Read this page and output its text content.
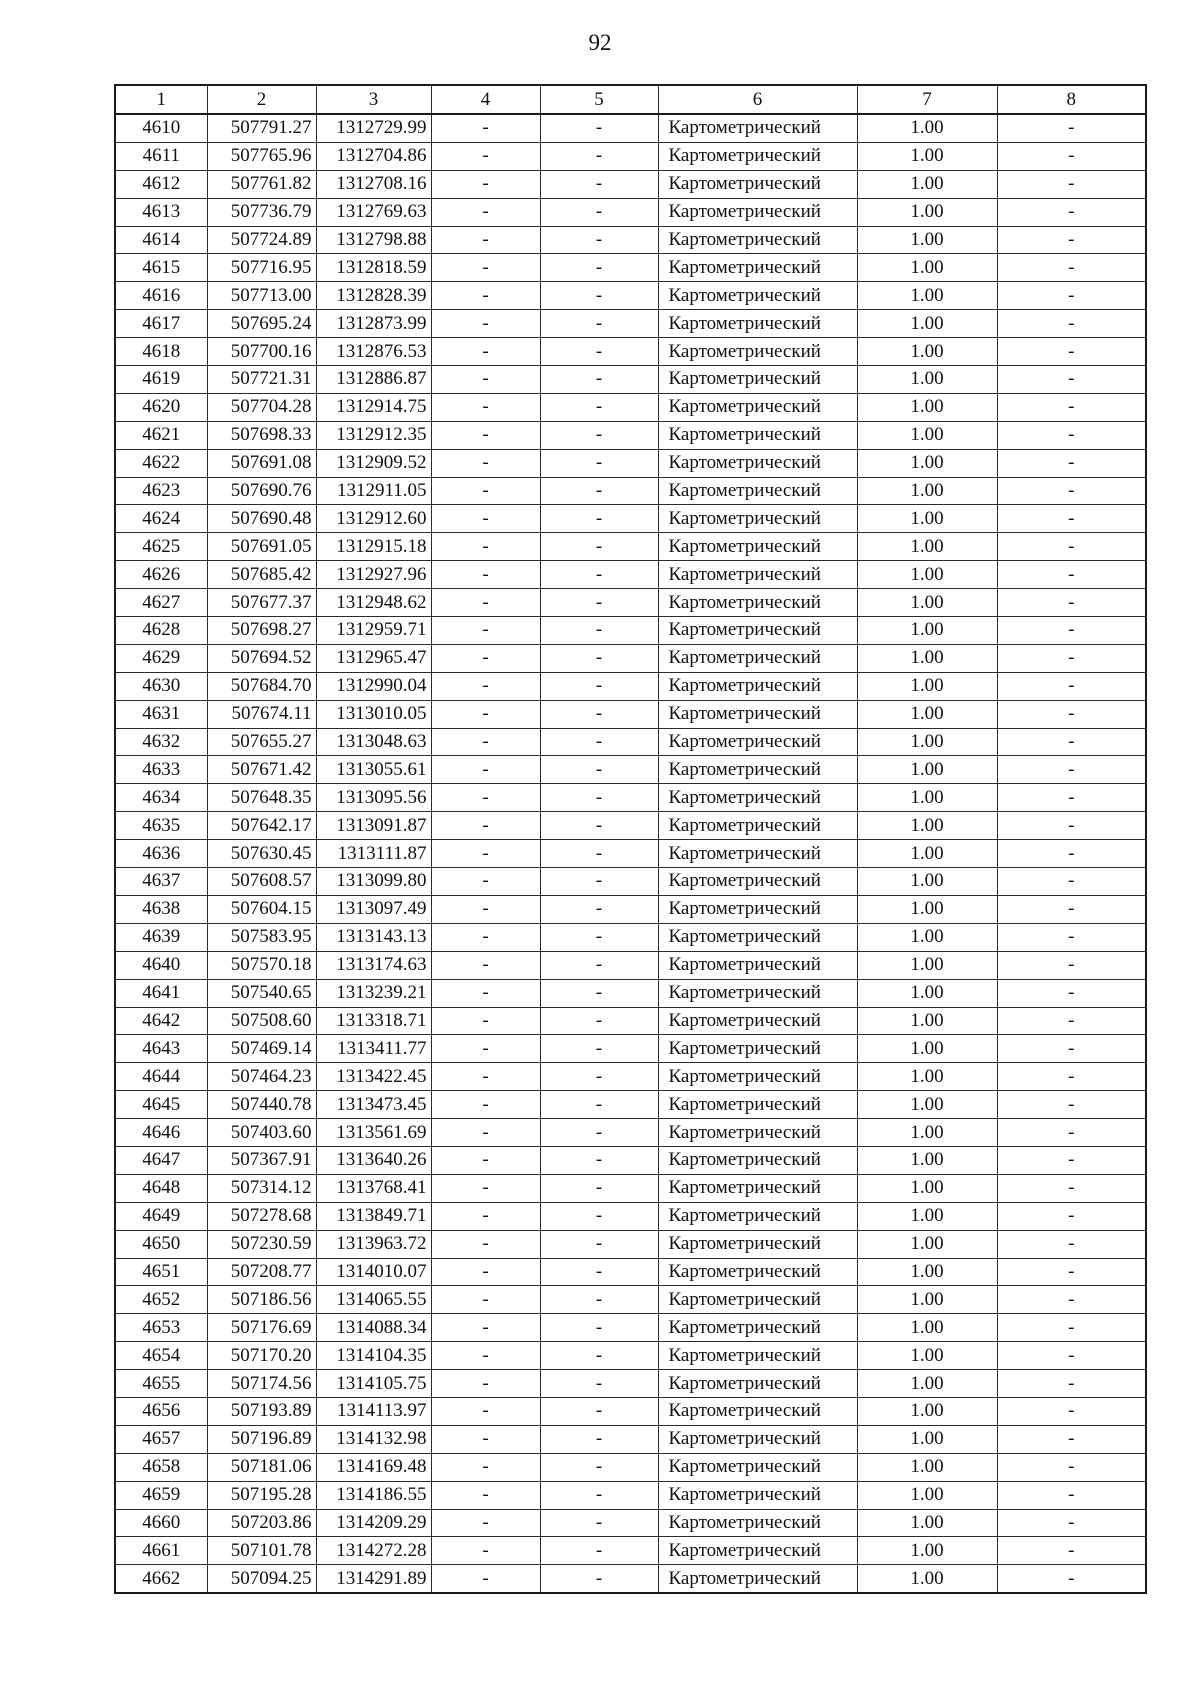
92
1	2	3	4	5	6	7	8
4610	507791.27	1312729.99	-	-	Картометрический	1.00	-
4611	507765.96	1312704.86	-	-	Картометрический	1.00	-
4612	507761.82	1312708.16	-	-	Картометрический	1.00	-
4613	507736.79	1312769.63	-	-	Картометрический	1.00	-
4614	507724.89	1312798.88	-	-	Картометрический	1.00	-
4615	507716.95	1312818.59	-	-	Картометрический	1.00	-
4616	507713.00	1312828.39	-	-	Картометрический	1.00	-
4617	507695.24	1312873.99	-	-	Картометрический	1.00	-
4618	507700.16	1312876.53	-	-	Картометрический	1.00	-
4619	507721.31	1312886.87	-	-	Картометрический	1.00	-
4620	507704.28	1312914.75	-	-	Картометрический	1.00	-
4621	507698.33	1312912.35	-	-	Картометрический	1.00	-
4622	507691.08	1312909.52	-	-	Картометрический	1.00	-
4623	507690.76	1312911.05	-	-	Картометрический	1.00	-
4624	507690.48	1312912.60	-	-	Картометрический	1.00	-
4625	507691.05	1312915.18	-	-	Картометрический	1.00	-
4626	507685.42	1312927.96	-	-	Картометрический	1.00	-
4627	507677.37	1312948.62	-	-	Картометрический	1.00	-
4628	507698.27	1312959.71	-	-	Картометрический	1.00	-
4629	507694.52	1312965.47	-	-	Картометрический	1.00	-
4630	507684.70	1312990.04	-	-	Картометрический	1.00	-
4631	507674.11	1313010.05	-	-	Картометрический	1.00	-
4632	507655.27	1313048.63	-	-	Картометрический	1.00	-
4633	507671.42	1313055.61	-	-	Картометрический	1.00	-
4634	507648.35	1313095.56	-	-	Картометрический	1.00	-
4635	507642.17	1313091.87	-	-	Картометрический	1.00	-
4636	507630.45	1313111.87	-	-	Картометрический	1.00	-
4637	507608.57	1313099.80	-	-	Картометрический	1.00	-
4638	507604.15	1313097.49	-	-	Картометрический	1.00	-
4639	507583.95	1313143.13	-	-	Картометрический	1.00	-
4640	507570.18	1313174.63	-	-	Картометрический	1.00	-
4641	507540.65	1313239.21	-	-	Картометрический	1.00	-
4642	507508.60	1313318.71	-	-	Картометрический	1.00	-
4643	507469.14	1313411.77	-	-	Картометрический	1.00	-
4644	507464.23	1313422.45	-	-	Картометрический	1.00	-
4645	507440.78	1313473.45	-	-	Картометрический	1.00	-
4646	507403.60	1313561.69	-	-	Картометрический	1.00	-
4647	507367.91	1313640.26	-	-	Картометрический	1.00	-
4648	507314.12	1313768.41	-	-	Картометрический	1.00	-
4649	507278.68	1313849.71	-	-	Картометрический	1.00	-
4650	507230.59	1313963.72	-	-	Картометрический	1.00	-
4651	507208.77	1314010.07	-	-	Картометрический	1.00	-
4652	507186.56	1314065.55	-	-	Картометрический	1.00	-
4653	507176.69	1314088.34	-	-	Картометрический	1.00	-
4654	507170.20	1314104.35	-	-	Картометрический	1.00	-
4655	507174.56	1314105.75	-	-	Картометрический	1.00	-
4656	507193.89	1314113.97	-	-	Картометрический	1.00	-
4657	507196.89	1314132.98	-	-	Картометрический	1.00	-
4658	507181.06	1314169.48	-	-	Картометрический	1.00	-
4659	507195.28	1314186.55	-	-	Картометрический	1.00	-
4660	507203.86	1314209.29	-	-	Картометрический	1.00	-
4661	507101.78	1314272.28	-	-	Картометрический	1.00	-
4662	507094.25	1314291.89	-	-	Картометрический	1.00	-
